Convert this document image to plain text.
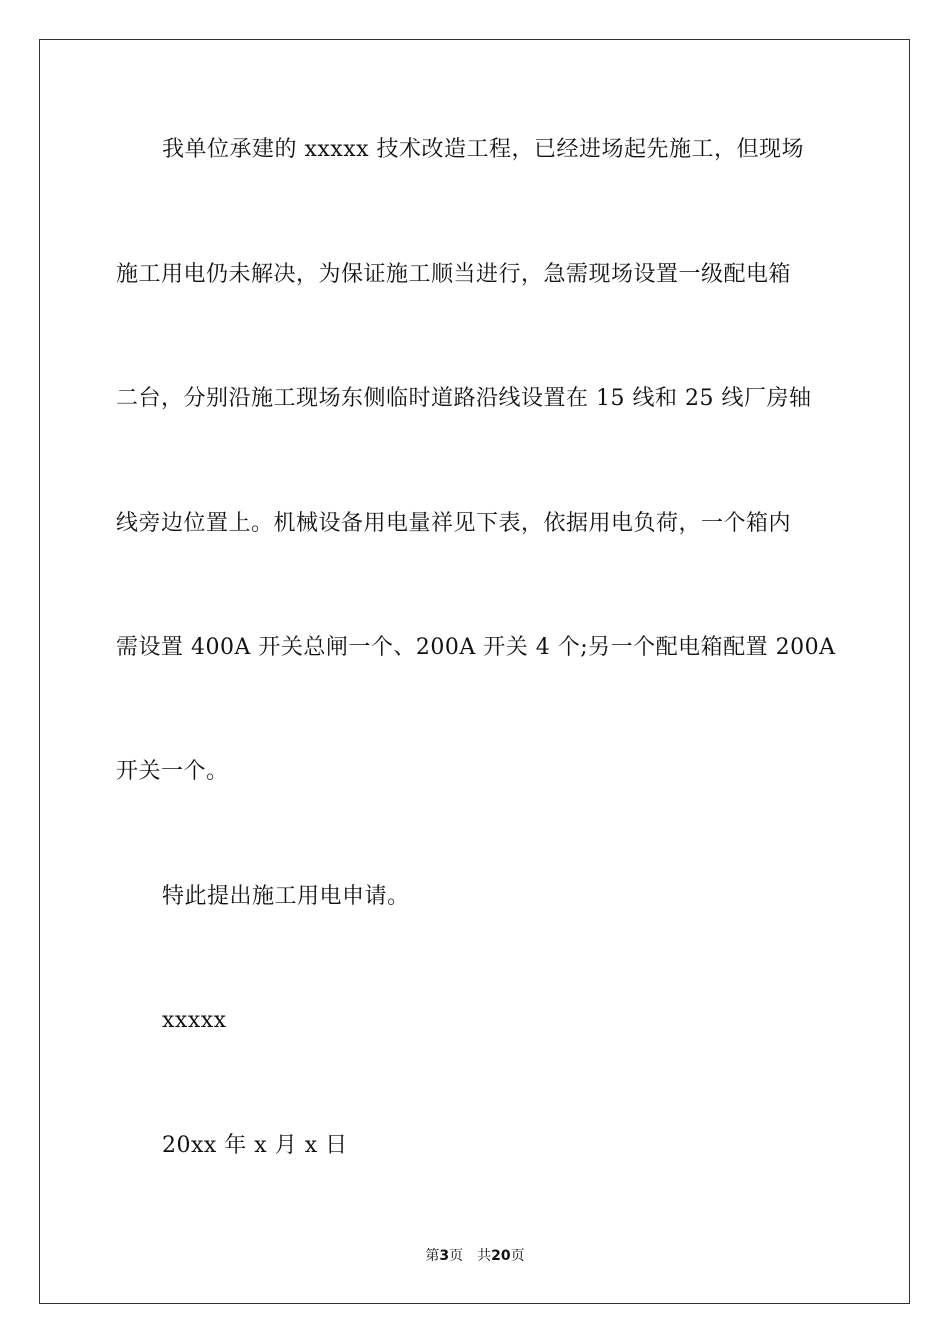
我单位承建的 xxxxx 技术改造工程，已经进场起先施工，但现场
施工用电仍未解决，为保证施工顺当进行，急需现场设置一级配电箱
二台，分别沿施工现场东侧临时道路沿线设置在 15 线和 25 线厂房轴
线旁边位置上。机械设备用电量祥见下表，依据用电负荷，一个箱内
需设置 400A 开关总闸一个、200A 开关 4 个;另一个配电箱配置 200A
开关一个。
特此提出施工用电申请。
xxxxx
20xx 年 x 月 x 日
第3页 共20页
